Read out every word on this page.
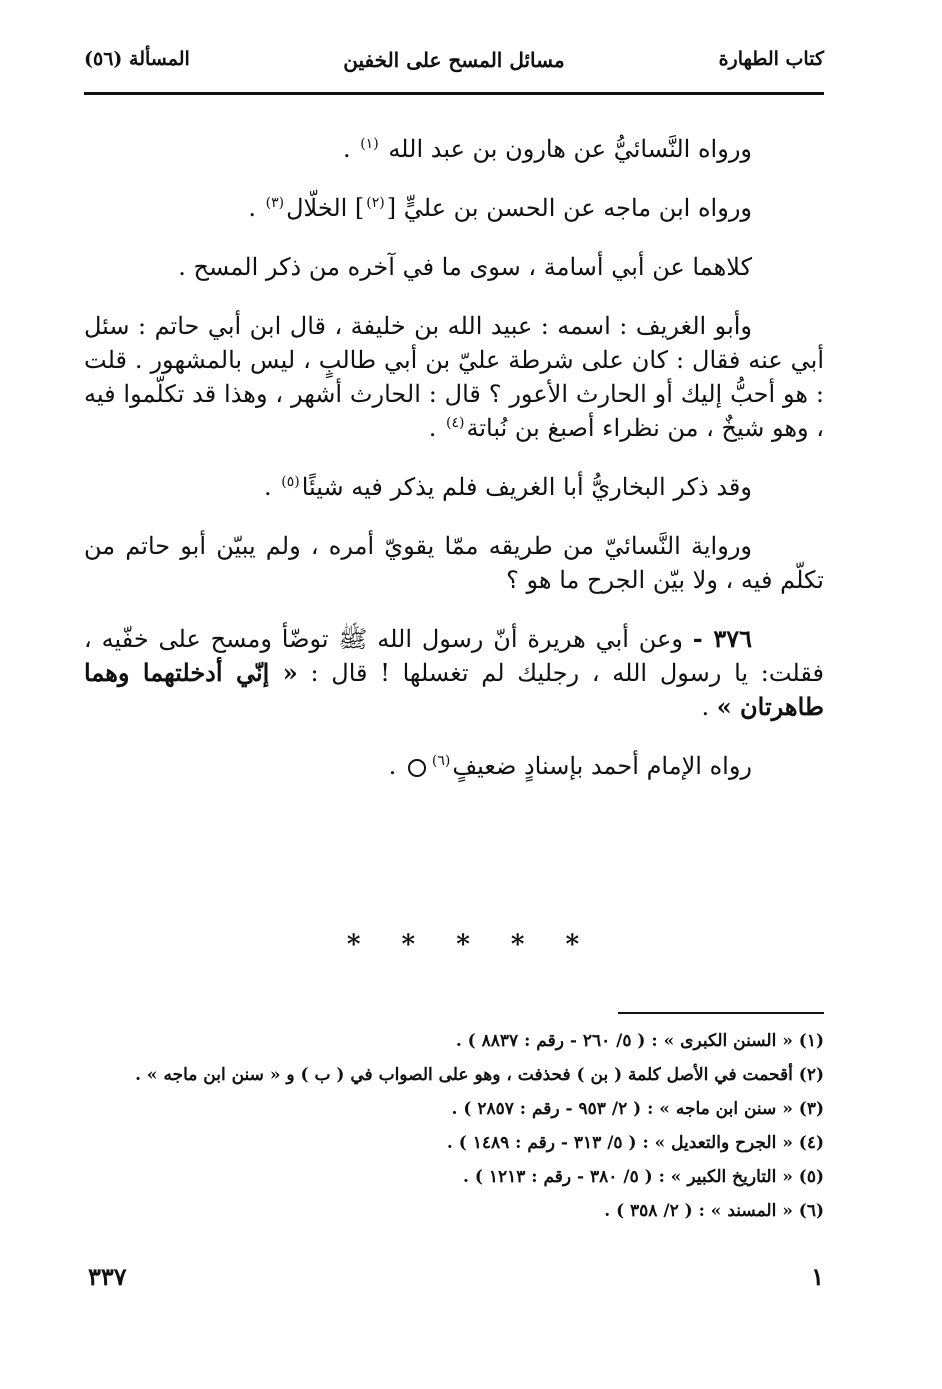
كتاب الطهارة
مسائل المسح على الخفين
المسألة (٥٦)

ورواه النَّسائيُّ عن هارون بن عبد الله $^{(١)}$ .

ورواه ابن ماجه عن الحسن بن عليٍّ [$^{(٢)}$] الخلّال$^{(٣)}$ .

كلاهما عن أبي أسامة ، سوى ما في آخره من ذكر المسح .

وأبو الغريف : اسمه : عبيد الله بن خليفة ، قال ابن أبي حاتم : سئل أبي عنه فقال : كان على شرطة عليّ بن أبي طالبٍ ، ليس بالمشهور . قلت : هو أحبُّ إليك أو الحارث الأعور ؟ قال : الحارث أشهر ، وهذا قد تكلّموا فيه ، وهو شيخٌ ، من نظراء أصبغ بن نُباتة$^{(٤)}$ .

وقد ذكر البخاريُّ أبا الغريف فلم يذكر فيه شيئًا$^{(٥)}$ .

ورواية النَّسائيّ من طريقه ممّا يقويّ أمره ، ولم يبيّن أبو حاتم من تكلّم فيه ، ولا بيّن الجرح ما هو ؟

٣٧٦ - وعن أبي هريرة أنّ رسول الله ﷺ توضّأ ومسح على خفّيه ، فقلت: يا رسول الله ، رجليك لم تغسلها ! قال : « إنّي أدخلتهما وهما طاهرتان » .

رواه الإمام أحمد بإسنادٍ ضعيفٍ$^{(٦)}$ .

* * * * *
(١) « السنن الكبرى » : ( ٥/ ٢٦٠ - رقم : ٨٨٣٧ ) .
(٢) أقحمت في الأصل كلمة ( بن ) فحذفت ، وهو على الصواب في ( ب ) و « سنن ابن ماجه » .
(٣) « سنن ابن ماجه » : ( ٢/ ٩٥٣ - رقم : ٢٨٥٧ ) .
(٤) « الجرح والتعديل » : ( ٥/ ٣١٣ - رقم : ١٤٨٩ ) .
(٥) « التاريخ الكبير » : ( ٥/ ٣٨٠ - رقم : ١٢١٣ ) .
(٦) « المسند » : ( ٢/ ٣٥٨ ) .
٣٣٧	١
